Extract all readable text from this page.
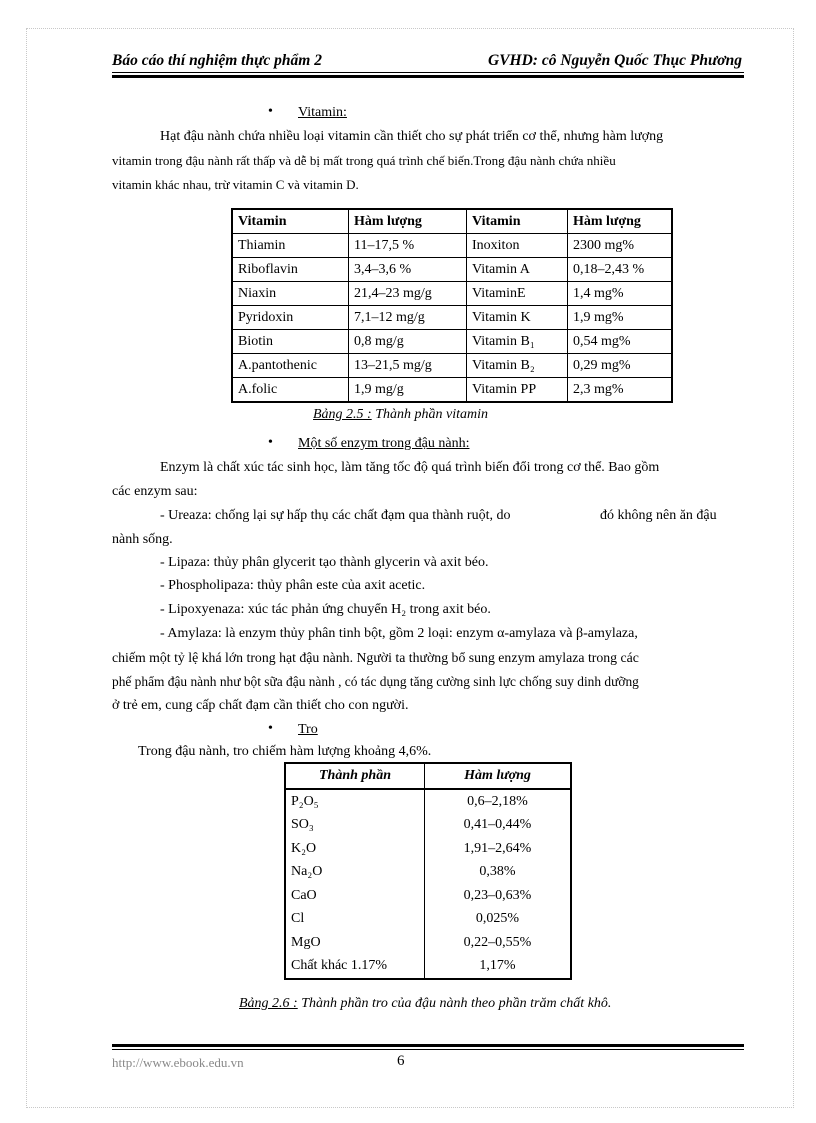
Báo cáo thí nghiệm thực phẩm 2	GVHD: cô Nguyễn Quốc Thục Phương
• Vitamin:
Hạt đậu nành chứa nhiều loại vitamin cần thiết cho sự phát triển cơ thể, nhưng hàm lượng
vitamin trong đậu nành rất thấp và dễ bị mất trong quá trình chế biến.Trong đậu nành chứa nhiều
vitamin khác nhau, trừ vitamin C và vitamin D.
Vitamin	Hàm lượng	Vitamin	Hàm lượng
Thiamin	11–17,5 %	Inoxiton	2300 mg%
Riboflavin	3,4–3,6 %	Vitamin A	0,18–2,43 %
Niaxin	21,4–23 mg/g	VitaminE	1,4 mg%
Pyridoxin	7,1–12 mg/g	Vitamin K	1,9 mg%
Biotin	0,8 mg/g	Vitamin B₁	0,54 mg%
A.pantothenic	13–21,5 mg/g	Vitamin B₂	0,29 mg%
A.folic	1,9 mg/g	Vitamin PP	2,3 mg%
Bảng 2.5 : Thành phần vitamin
• Một số enzym trong đậu nành:
Enzym là chất xúc tác sinh học, làm tăng tốc độ quá trình biến đổi trong cơ thể. Bao gồm
các enzym sau:
- Ureaza: chống lại sự hấp thụ các chất đạm qua thành ruột, do	đó không nên ăn đậu
nành sống.
- Lipaza: thủy phân glycerit tạo thành glycerin và axit béo.
- Phospholipaza: thủy phân este của axit acetic.
- Lipoxyenaza: xúc tác phản ứng chuyển H₂ trong axit béo.
- Amylaza: là enzym thủy phân tinh bột, gồm 2 loại: enzym α-amylaza và β-amylaza,
chiếm một tỷ lệ khá lớn trong hạt đậu nành. Người ta thường bổ sung enzym amylaza trong các
phế phẩm đậu nành như bột sữa đậu nành , có tác dụng tăng cường sinh lực chống suy dinh dưỡng
ở trẻ em, cung cấp chất đạm cần thiết cho con người.
• Tro
Trong đậu nành, tro chiếm hàm lượng khoảng 4,6%.
Thành phần	Hàm lượng
P₂O₅	0,6–2,18%
SO₃	0,41–0,44%
K₂O	1,91–2,64%
Na₂O	0,38%
CaO	0,23–0,63%
Cl	0,025%
MgO	0,22–0,55%
Chất khác 1.17%	1,17%
Bảng 2.6 : Thành phần tro của đậu nành theo phần trăm chất khô.
http://www.ebook.edu.vn	6
